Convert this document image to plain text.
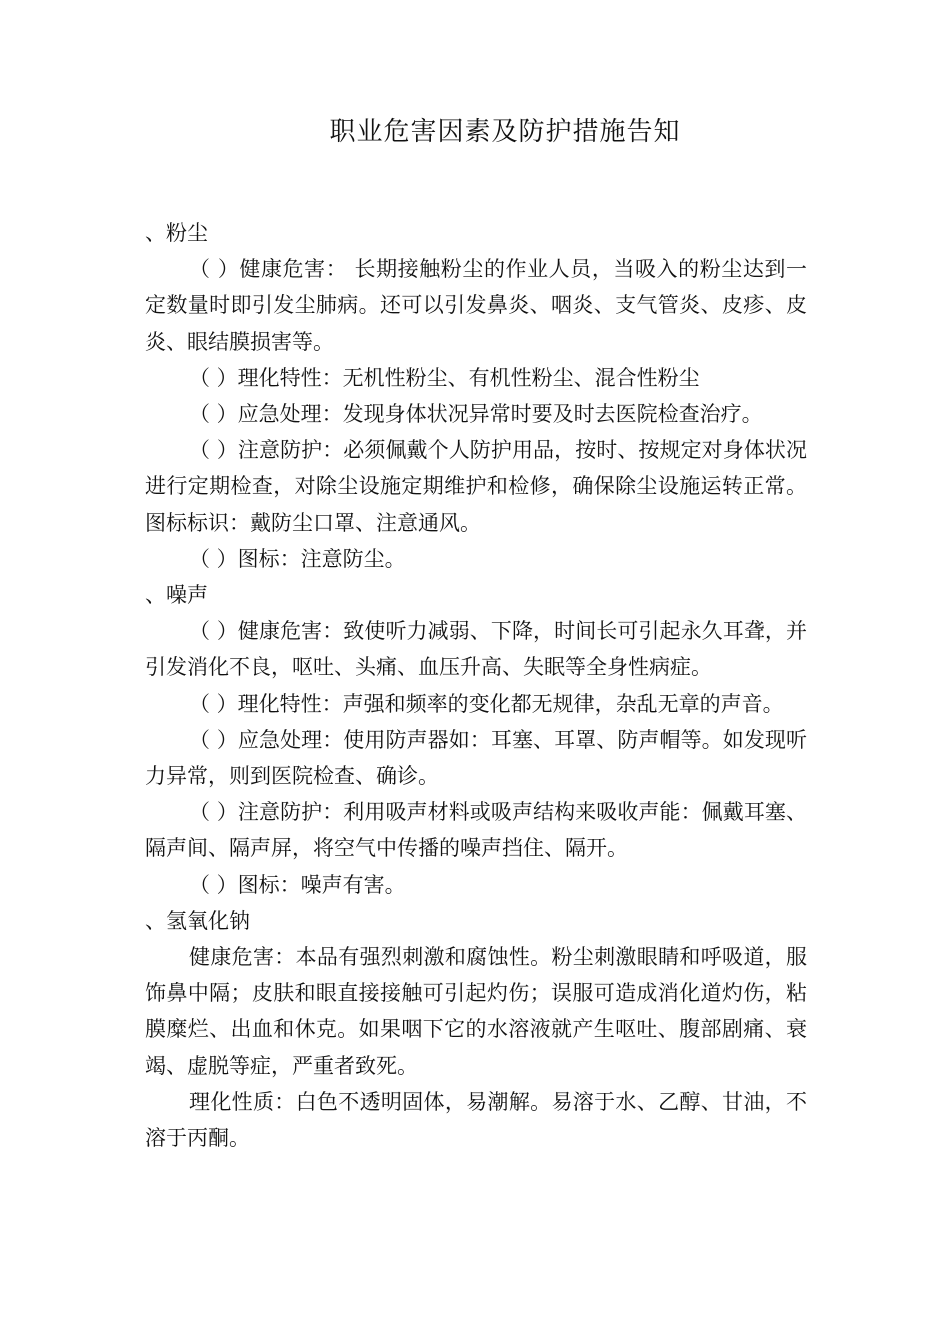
职业危害因素及防护措施告知

、粉尘

（ ）健康危害： 长期接触粉尘的作业人员，当吸入的粉尘达到一定数量时即引发尘肺病。还可以引发鼻炎、咽炎、支气管炎、皮疹、皮炎、眼结膜损害等。

（ ）理化特性：无机性粉尘、有机性粉尘、混合性粉尘

（ ）应急处理：发现身体状况异常时要及时去医院检查治疗。

（ ）注意防护：必须佩戴个人防护用品，按时、按规定对身体状况进行定期检查，对除尘设施定期维护和检修，确保除尘设施运转正常。图标标识：戴防尘口罩、注意通风。

（ ）图标：注意防尘。

、噪声

（ ）健康危害：致使听力减弱、下降，时间长可引起永久耳聋，并引发消化不良，呕吐、头痛、血压升高、失眠等全身性病症。

（ ）理化特性：声强和频率的变化都无规律，杂乱无章的声音。

（ ）应急处理：使用防声器如：耳塞、耳罩、防声帽等。如发现听力异常，则到医院检查、确诊。

（ ）注意防护：利用吸声材料或吸声结构来吸收声能：佩戴耳塞、隔声间、隔声屏，将空气中传播的噪声挡住、隔开。

（ ）图标：噪声有害。

、氢氧化钠

健康危害：本品有强烈刺激和腐蚀性。粉尘刺激眼睛和呼吸道，服饰鼻中隔；皮肤和眼直接接触可引起灼伤；误服可造成消化道灼伤，粘膜糜烂、出血和休克。如果咽下它的水溶液就产生呕吐、腹部剧痛、衰竭、虚脱等症，严重者致死。

理化性质：白色不透明固体，易潮解。易溶于水、乙醇、甘油，不溶于丙酮。
